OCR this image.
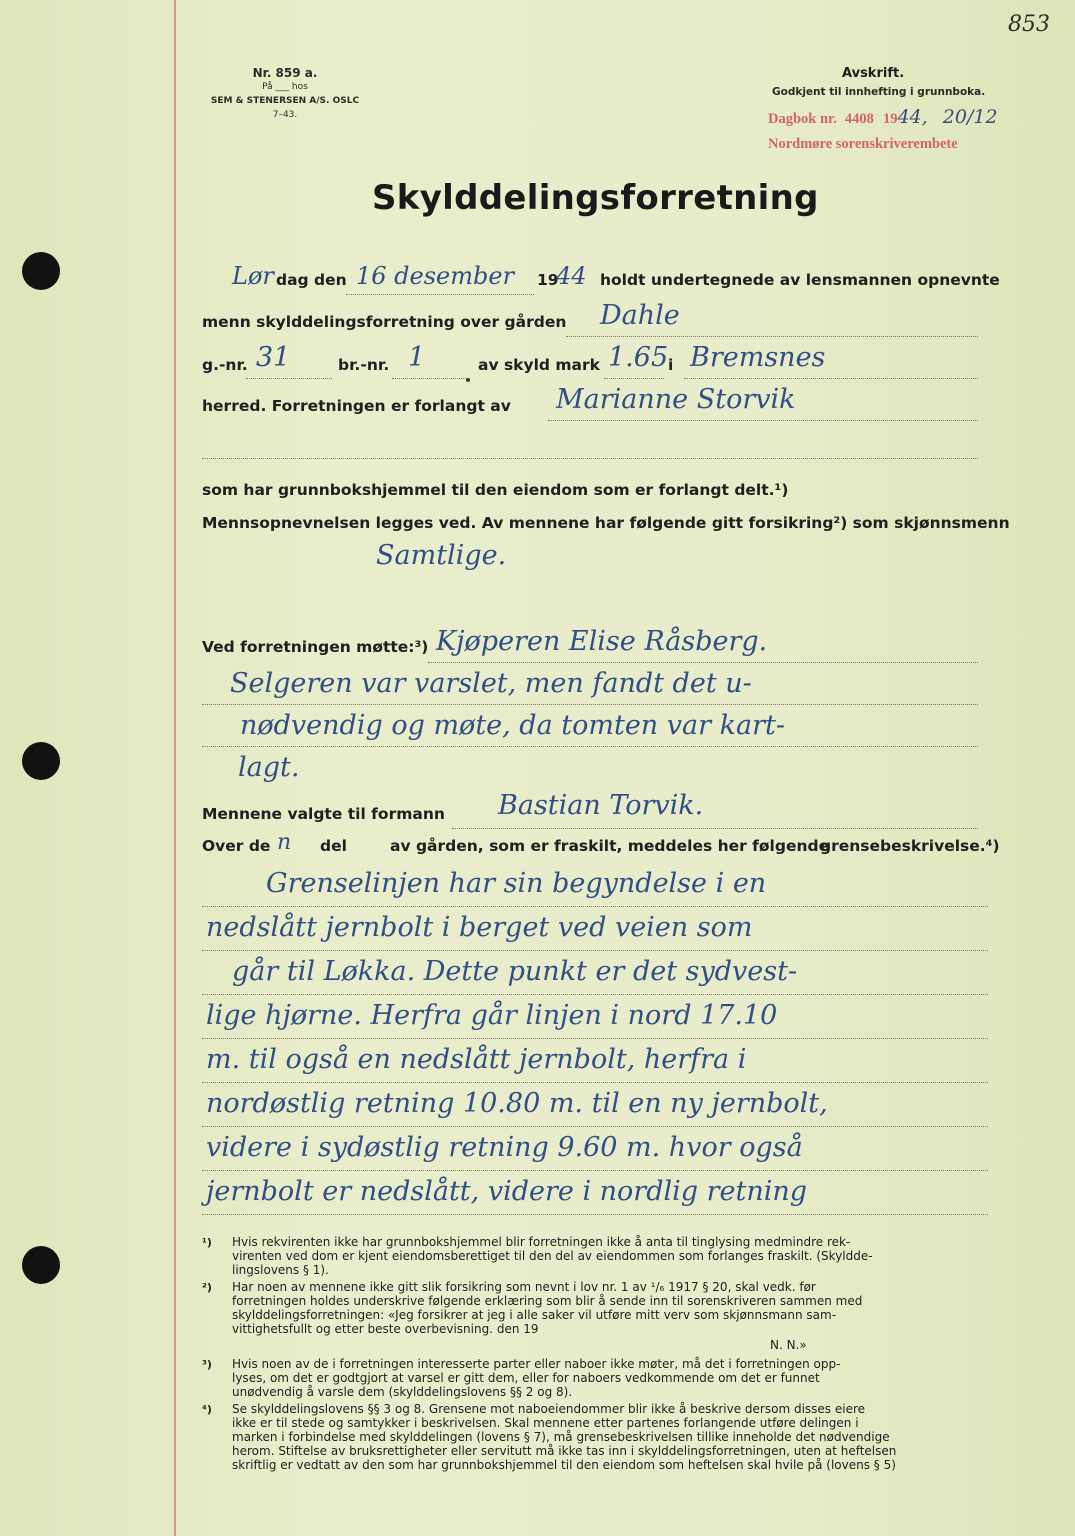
Nr. 859 a.
På ___ hos
SEM & STENERSEN A/S. OSLC
7–43.
853
Avskrift.
Godkjent til innhefting i grunnboka.
Dagbok nr. 4408 1944, 20/12
Nordmøre sorenskriverembete
Skylddelingsforretning
Lør dag den 16 desember 19
44 holdt undertegnede av lensmannen opnevnte
menn skylddelingsforretning over gården Dahle
g.-nr. 31	br.-nr. 1	av skyld mark 1.65 i Bremsnes
herred. Forretningen er forlangt av Marianne Storvik
som har grunnbokshjemmel til den eiendom som er forlangt delt.¹)
Mennsopnevnelsen legges ved. Av mennene har følgende gitt forsikring²) som skjønnsmenn
Samtlige.
Ved forretningen møtte:³) Kjøperen Elise Råsberg.
Selgeren var varslet, men fandt det u-
nødvendig og møte, da tomten var kart-
lagt.
Mennene valgte til formann Bastian Torvik.
Over de n del	av gården, som er fraskilt, meddeles her følgende
grensebeskrivelse.⁴)
Grenselinjen har sin begyndelse i en
nedslått jernbolt i berget ved veien som
går til Løkka. Dette punkt er det sydvest-
lige hjørne. Herfra går linjen i nord 17.10
m. til også en nedslått jernbolt, herfra i
nordøstlig retning 10.80 m. til en ny jernbolt,
videre i sydøstlig retning 9.60 m. hvor også
jernbolt er nedslått, videre i nordlig retning
¹) Hvis rekvirenten ikke har grunnbokshjemmel blir forretningen ikke å anta til tinglysing medmindre rek-
virenten ved dom er kjent eiendomsberettiget til den del av eiendommen som forlanges fraskilt. (Skyldde-
lingslovens § 1).
²) Har noen av mennene ikke gitt slik forsikring som nevnt i lov nr. 1 av ¹/₆ 1917 § 20, skal vedk. før
forretningen holdes underskrive følgende erklæring som blir å sende inn til sorenskriveren sammen med
skylddelingsforretningen: «Jeg forsikrer at jeg i alle saker vil utføre mitt verv som skjønnsmann sam-
vittighetsfullt og etter beste overbevisning. den 19
N. N.»
³) Hvis noen av de i forretningen interesserte parter eller naboer ikke møter, må det i forretningen opp-
lyses, om det er godtgjort at varsel er gitt dem, eller for naboers vedkommende om det er funnet
unødvendig å varsle dem (skylddelingslovens §§ 2 og 8).
⁴) Se skylddelingslovens §§ 3 og 8. Grensene mot naboeiendommer blir ikke å beskrive dersom disses eiere
ikke er til stede og samtykker i beskrivelsen. Skal mennene etter partenes forlangende utføre delingen i
marken i forbindelse med skylddelingen (lovens § 7), må grensebeskrivelsen tillike inneholde det nødvendige
herom. Stiftelse av bruksrettigheter eller servitutt må ikke tas inn i skylddelingsforretningen, uten at heftelsen
skriftlig er vedtatt av den som har grunnbokshjemmel til den eiendom som heftelsen skal hvile på (lovens § 5)
